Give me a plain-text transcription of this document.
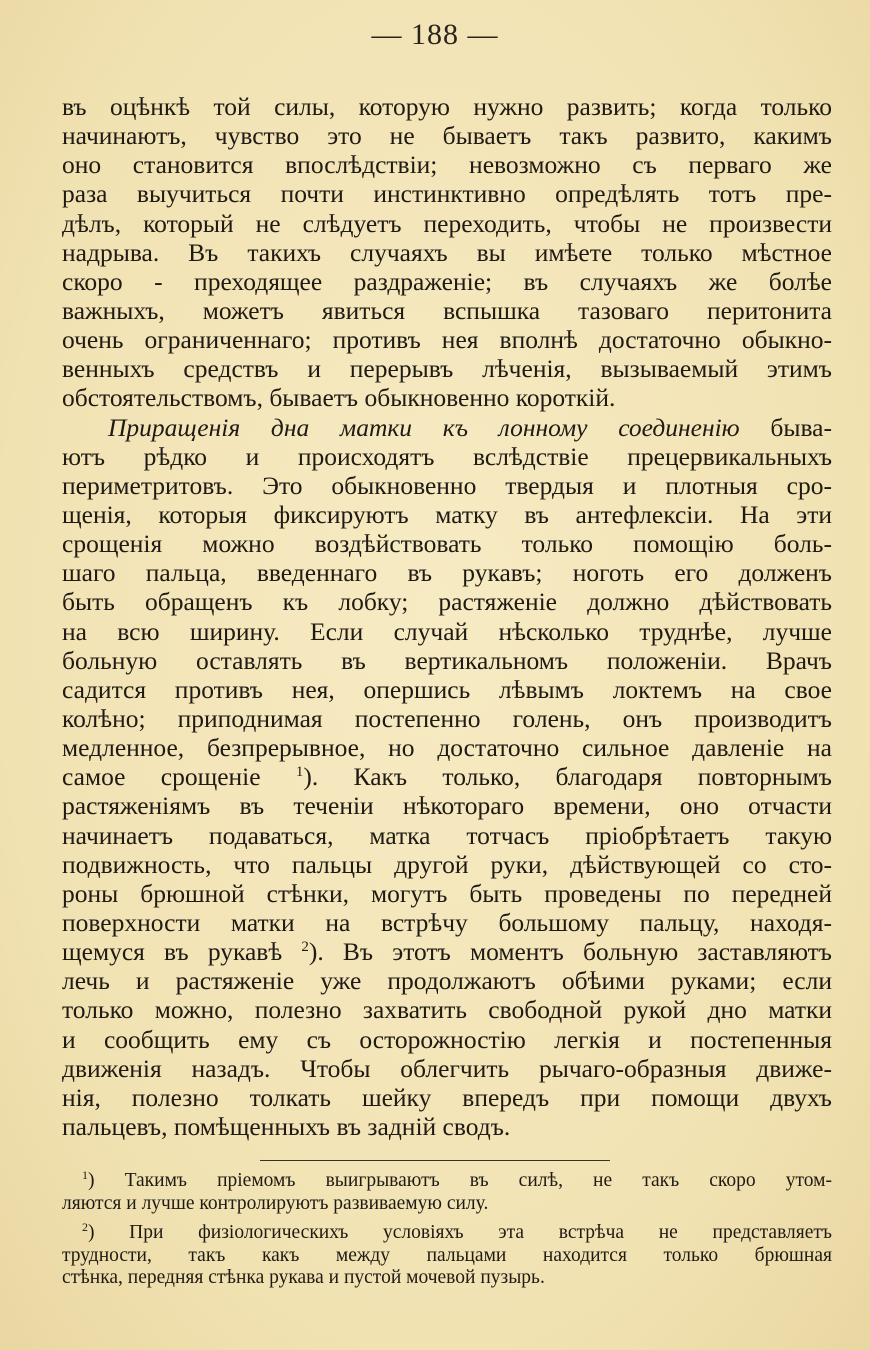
— 188 —
въ оцѣнкѣ той силы, которую нужно развить; когда только
начинаютъ, чувство это не бываетъ такъ развито, какимъ
оно становится впослѣдствіи; невозможно съ перваго же
раза выучиться почти инстинктивно опредѣлять тотъ пре-
дѣлъ, который не слѣдуетъ переходить, чтобы не произвести
надрыва. Въ такихъ случаяхъ вы имѣете только мѣстное
скоро - преходящее раздраженіе; въ случаяхъ же болѣе
важныхъ, можетъ явиться вспышка тазоваго перитонита
очень ограниченнаго; противъ нея вполнѣ достаточно обыкно-
венныхъ средствъ и перерывъ лѣченія, вызываемый этимъ
обстоятельствомъ, бываетъ обыкновенно короткій.
Приращенія дна матки къ лонному соединенію быва-
ютъ рѣдко и происходятъ вслѣдствіе прецервикальныхъ
периметритовъ. Это обыкновенно твердыя и плотныя сро-
щенія, которыя фиксируютъ матку въ антефлексіи. На эти
срощенія можно воздѣйствовать только помощію боль-
шаго пальца, введеннаго въ рукавъ; ноготь его долженъ
быть обращенъ къ лобку; растяженіе должно дѣйствовать
на всю ширину. Если случай нѣсколько труднѣе, лучше
больную оставлять въ вертикальномъ положеніи. Врачъ
садится противъ нея, опершись лѣвымъ локтемъ на свое
колѣно; приподнимая постепенно голень, онъ производитъ
медленное, безпрерывное, но достаточно сильное давленіе на
самое срощеніе $^1$). Какъ только, благодаря повторнымъ
растяженіямъ въ теченіи нѣкотораго времени, оно отчасти
начинаетъ подаваться, матка тотчасъ пріобрѣтаетъ такую
подвижность, что пальцы другой руки, дѣйствующей со сто-
роны брюшной стѣнки, могутъ быть проведены по передней
поверхности матки на встрѣчу большому пальцу, находя-
щемуся въ рукавѣ $^2$). Въ этотъ моментъ больную заставляютъ
лечь и растяженіе уже продолжаютъ обѣими руками; если
только можно, полезно захватить свободной рукой дно матки
и сообщить ему съ осторожностію легкія и постепенныя
движенія назадъ. Чтобы облегчить рычаго-образныя движе-
нія, полезно толкать шейку впередъ при помощи двухъ
пальцевъ, помѣщенныхъ въ задній сводъ.
$^1$) Такимъ пріемомъ выигрываютъ въ силѣ, не такъ скоро утом-
ляются и лучше контролируютъ развиваемую силу.
$^2$) При физіологическихъ условіяхъ эта встрѣча не представляетъ
трудности, такъ какъ между пальцами находится только брюшная
стѣнка, передняя стѣнка рукава и пустой мочевой пузырь.
